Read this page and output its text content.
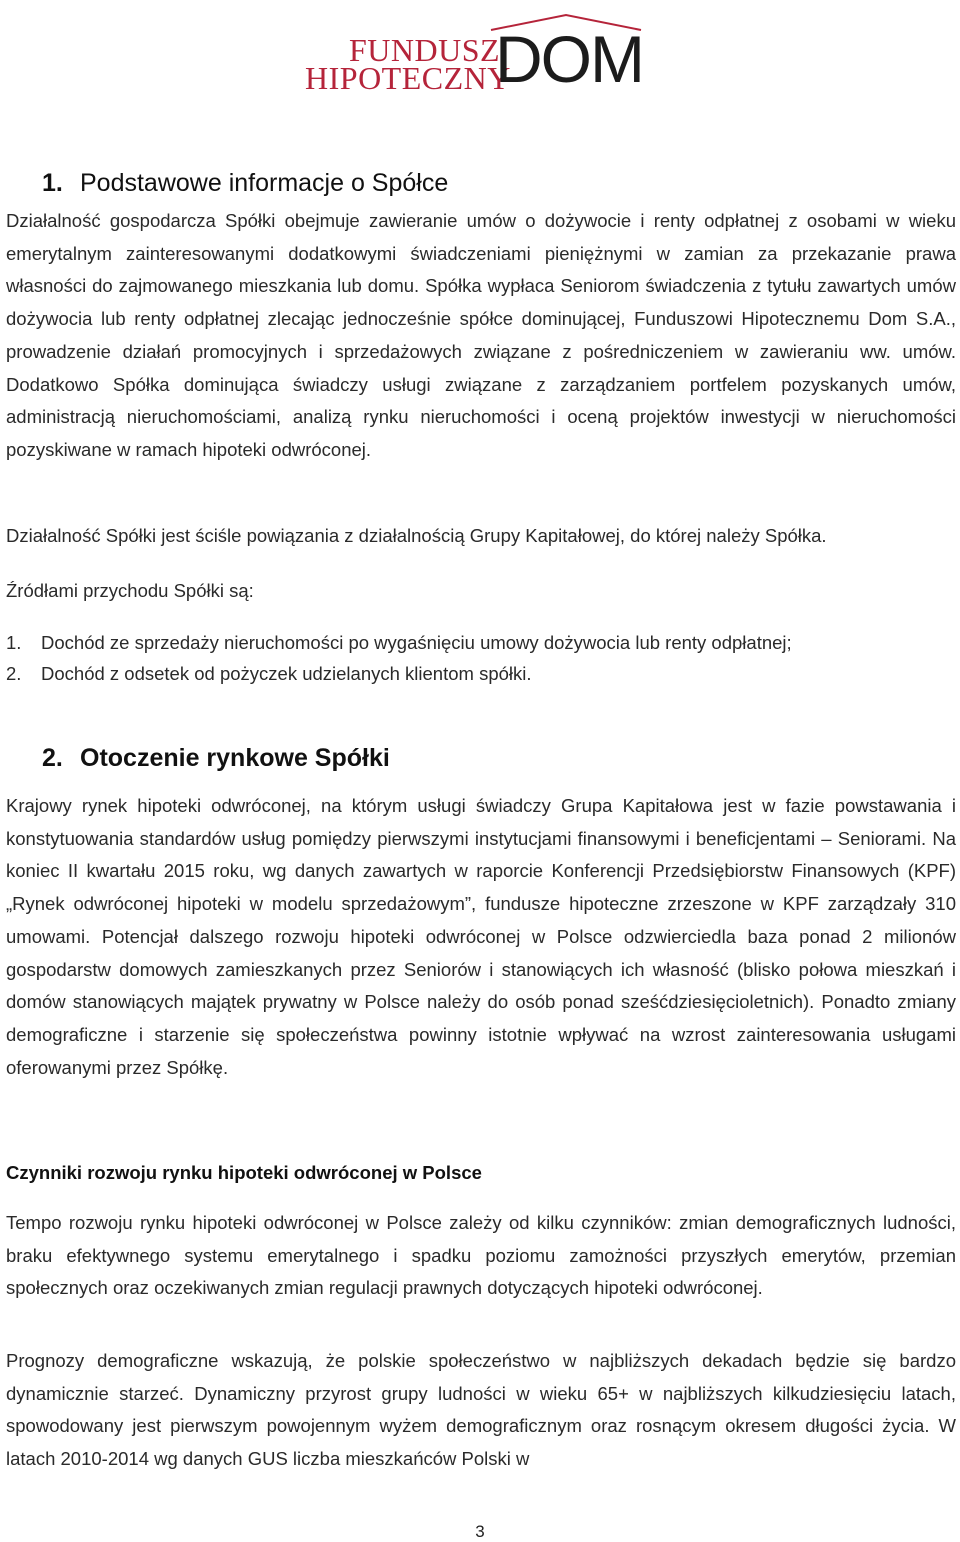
FUNDUSZ
HIPOTECZNY
DOM
1. Podstawowe informacje o Spółce

Działalność gospodarcza Spółki obejmuje zawieranie umów o dożywocie i renty odpłatnej z osobami w wieku emerytalnym zainteresowanymi dodatkowymi świadczeniami pieniężnymi w zamian za przekazanie prawa własności do zajmowanego mieszkania lub domu. Spółka wypłaca Seniorom świadczenia z tytułu zawartych umów dożywocia lub renty odpłatnej zlecając jednocześnie spółce dominującej, Funduszowi Hipotecznemu Dom S.A., prowadzenie działań promocyjnych i sprzedażowych związane z pośredniczeniem w zawieraniu ww. umów. Dodatkowo Spółka dominująca świadczy usługi związane z zarządzaniem portfelem pozyskanych umów, administracją nieruchomościami, analizą rynku nieruchomości i oceną projektów inwestycji w nieruchomości pozyskiwane w ramach hipoteki odwróconej.

Działalność Spółki jest ściśle powiązania z działalnością Grupy Kapitałowej, do której należy Spółka.

Źródłami przychodu Spółki są:

1. Dochód ze sprzedaży nieruchomości po wygaśnięciu umowy dożywocia lub renty odpłatnej;
2. Dochód z odsetek od pożyczek udzielanych klientom spółki.
2. Otoczenie rynkowe Spółki

Krajowy rynek hipoteki odwróconej, na którym usługi świadczy Grupa Kapitałowa jest w fazie powstawania i konstytuowania standardów usług pomiędzy pierwszymi instytucjami finansowymi i beneficjentami – Seniorami. Na koniec II kwartału 2015 roku, wg danych zawartych w raporcie Konferencji Przedsiębiorstw Finansowych (KPF) „Rynek odwróconej hipoteki w modelu sprzedażowym”, fundusze hipoteczne zrzeszone w KPF zarządzały 310 umowami. Potencjał dalszego rozwoju hipoteki odwróconej w Polsce odzwierciedla baza ponad 2 milionów gospodarstw domowych zamieszkanych przez Seniorów i stanowiących ich własność (blisko połowa mieszkań i domów stanowiących majątek prywatny w Polsce należy do osób ponad sześćdziesięcioletnich). Ponadto zmiany demograficzne i starzenie się społeczeństwa powinny istotnie wpływać na wzrost zainteresowania usługami oferowanymi przez Spółkę.

Czynniki rozwoju rynku hipoteki odwróconej w Polsce

Tempo rozwoju rynku hipoteki odwróconej w Polsce zależy od kilku czynników: zmian demograficznych ludności, braku efektywnego systemu emerytalnego i spadku poziomu zamożności przyszłych emerytów, przemian społecznych oraz oczekiwanych zmian regulacji prawnych dotyczących hipoteki odwróconej.

Prognozy demograficzne wskazują, że polskie społeczeństwo w najbliższych dekadach będzie się bardzo dynamicznie starzeć. Dynamiczny przyrost grupy ludności w wieku 65+ w najbliższych kilkudziesięciu latach, spowodowany jest pierwszym powojennym wyżem demograficznym oraz rosnącym okresem długości życia. W latach 2010-2014 wg danych GUS liczba mieszkańców Polski w

3
